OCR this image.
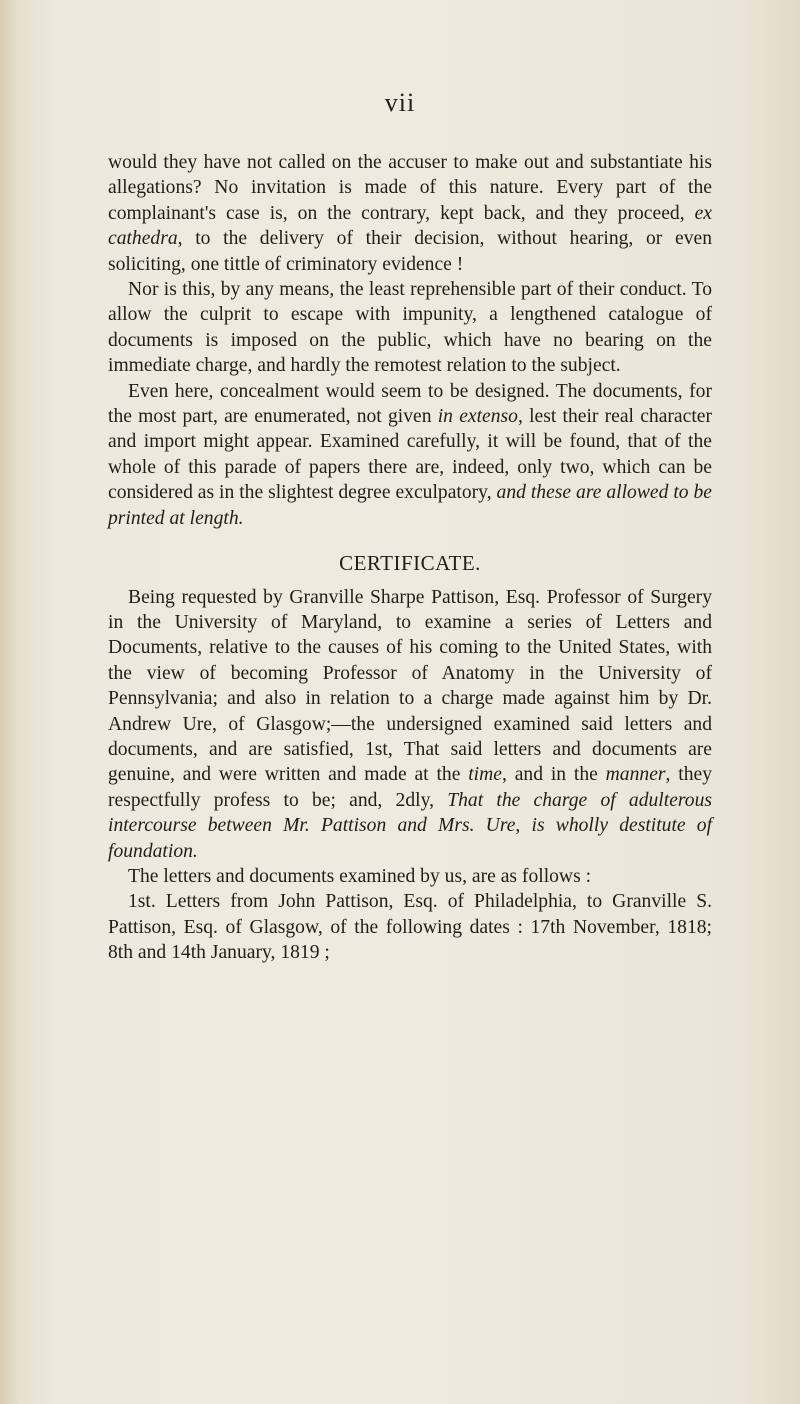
vii

would they have not called on the accuser to make out and substantiate his allegations? No invitation is made of this nature. Every part of the complainant's case is, on the contrary, kept back, and they proceed, ex cathedra, to the delivery of their decision, without hearing, or even soliciting, one tittle of criminatory evidence !

Nor is this, by any means, the least reprehensible part of their conduct. To allow the culprit to escape with impunity, a lengthened catalogue of documents is imposed on the public, which have no bearing on the immediate charge, and hardly the remotest relation to the subject.

Even here, concealment would seem to be designed. The documents, for the most part, are enumerated, not given in extenso, lest their real character and import might appear. Examined carefully, it will be found, that of the whole of this parade of papers there are, indeed, only two, which can be considered as in the slightest degree exculpatory, and these are allowed to be printed at length.

CERTIFICATE.

Being requested by Granville Sharpe Pattison, Esq. Professor of Surgery in the University of Maryland, to examine a series of Letters and Documents, relative to the causes of his coming to the United States, with the view of becoming Professor of Anatomy in the University of Pennsylvania; and also in relation to a charge made against him by Dr. Andrew Ure, of Glasgow;—the undersigned examined said letters and documents, and are satisfied, 1st, That said letters and documents are genuine, and were written and made at the time, and in the manner, they respectfully profess to be; and, 2dly, That the charge of adulterous intercourse between Mr. Pattison and Mrs. Ure, is wholly destitute of foundation.

The letters and documents examined by us, are as follows :

1st. Letters from John Pattison, Esq. of Philadelphia, to Granville S. Pattison, Esq. of Glasgow, of the following dates : 17th November, 1818; 8th and 14th January, 1819 ;
